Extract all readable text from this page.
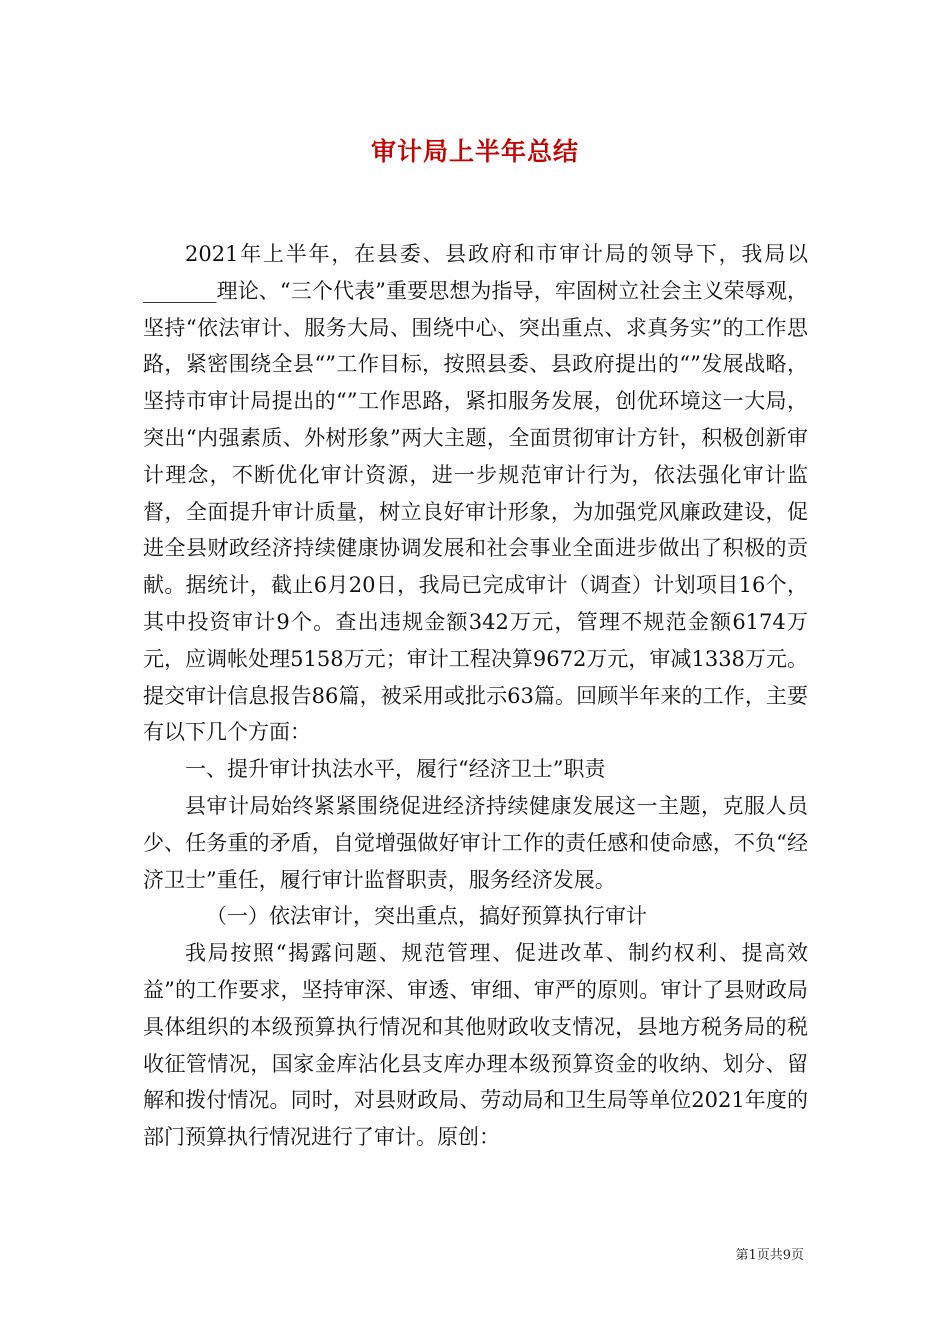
审计局上半年总结

2021年上半年，在县委、县政府和市审计局的领导下，我局以_______理论、“三个代表”重要思想为指导，牢固树立社会主义荣辱观，坚持“依法审计、服务大局、围绕中心、突出重点、求真务实”的工作思路，紧密围绕全县“”工作目标，按照县委、县政府提出的“”发展战略，坚持市审计局提出的“”工作思路，紧扣服务发展，创优环境这一大局，突出“内强素质、外树形象”两大主题，全面贯彻审计方针，积极创新审计理念，不断优化审计资源，进一步规范审计行为，依法强化审计监督，全面提升审计质量，树立良好审计形象，为加强党风廉政建设，促进全县财政经济持续健康协调发展和社会事业全面进步做出了积极的贡献。据统计，截止6月20日，我局已完成审计（调查）计划项目16个，其中投资审计9个。查出违规金额342万元，管理不规范金额6174万元，应调帐处理5158万元；审计工程决算9672万元，审减1338万元。提交审计信息报告86篇，被采用或批示63篇。回顾半年来的工作，主要有以下几个方面：

一、提升审计执法水平，履行“经济卫士”职责

县审计局始终紧紧围绕促进经济持续健康发展这一主题，克服人员少、任务重的矛盾，自觉增强做好审计工作的责任感和使命感，不负“经济卫士”重任，履行审计监督职责，服务经济发展。

（一）依法审计，突出重点，搞好预算执行审计

我局按照“揭露问题、规范管理、促进改革、制约权利、提高效益”的工作要求，坚持审深、审透、审细、审严的原则。审计了县财政局具体组织的本级预算执行情况和其他财政收支情况，县地方税务局的税收征管情况，国家金库沾化县支库办理本级预算资金的收纳、划分、留解和拨付情况。同时，对县财政局、劳动局和卫生局等单位2021年度的部门预算执行情况进行了审计。原创：

第1页共9页
